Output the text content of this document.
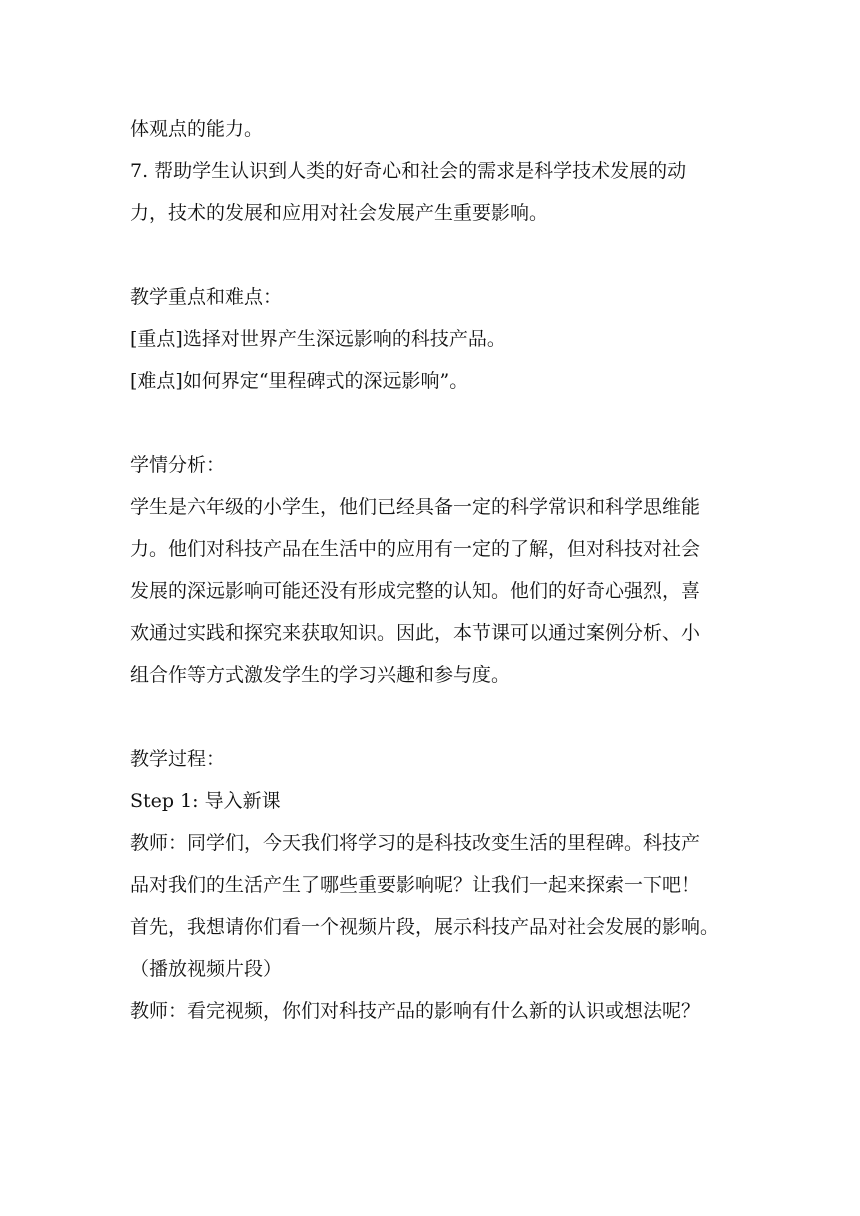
体观点的能力。

7. 帮助学生认识到人类的好奇心和社会的需求是科学技术发展的动

力，技术的发展和应用对社会发展产生重要影响。

教学重点和难点：

[重点]选择对世界产生深远影响的科技产品。

[难点]如何界定“里程碑式的深远影响”。

学情分析：

学生是六年级的小学生，他们已经具备一定的科学常识和科学思维能

力。他们对科技产品在生活中的应用有一定的了解，但对科技对社会

发展的深远影响可能还没有形成完整的认知。他们的好奇心强烈，喜

欢通过实践和探究来获取知识。因此，本节课可以通过案例分析、小

组合作等方式激发学生的学习兴趣和参与度。

教学过程：

Step 1: 导入新课

教师：同学们，今天我们将学习的是科技改变生活的里程碑。科技产

品对我们的生活产生了哪些重要影响呢？让我们一起来探索一下吧！

首先，我想请你们看一个视频片段，展示科技产品对社会发展的影响。

（播放视频片段）

教师：看完视频，你们对科技产品的影响有什么新的认识或想法呢？
